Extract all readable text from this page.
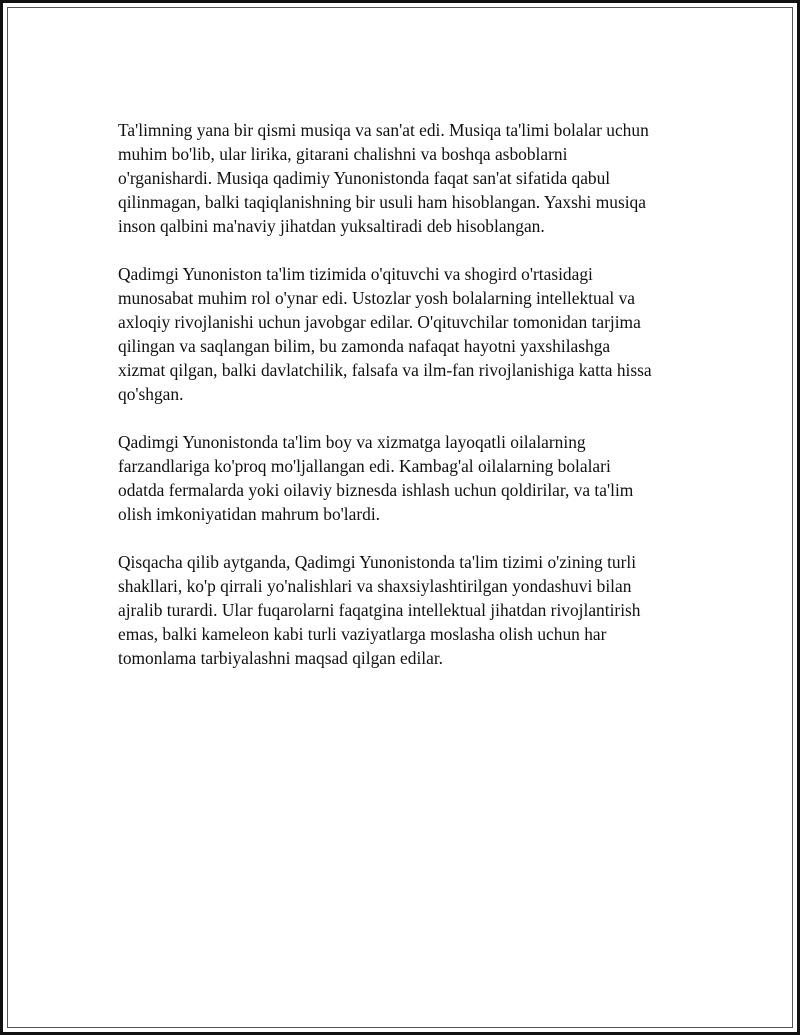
Ta'limning yana bir qismi musiqa va san'at edi. Musiqa ta'limi bolalar uchun
muhim bo'lib, ular lirika, gitarani chalishni va boshqa asboblarni
o'rganishardi. Musiqa qadimiy Yunonistonda faqat san'at sifatida qabul
qilinmagan, balki taqiqlanishning bir usuli ham hisoblangan. Yaxshi musiqa
inson qalbini ma'naviy jihatdan yuksaltiradi deb hisoblangan.

Qadimgi Yunoniston ta'lim tizimida o'qituvchi va shogird o'rtasidagi
munosabat muhim rol o'ynar edi. Ustozlar yosh bolalarning intellektual va
axloqiy rivojlanishi uchun javobgar edilar. O'qituvchilar tomonidan tarjima
qilingan va saqlangan bilim, bu zamonda nafaqat hayotni yaxshilashga
xizmat qilgan, balki davlatchilik, falsafa va ilm-fan rivojlanishiga katta hissa
qo'shgan.

Qadimgi Yunonistonda ta'lim boy va xizmatga layoqatli oilalarning
farzandlariga ko'proq mo'ljallangan edi. Kambag'al oilalarning bolalari
odatda fermalarda yoki oilaviy biznesda ishlash uchun qoldirilar, va ta'lim
olish imkoniyatidan mahrum bo'lardi.

Qisqacha qilib aytganda, Qadimgi Yunonistonda ta'lim tizimi o'zining turli
shakllari, ko'p qirrali yo'nalishlari va shaxsiylashtirilgan yondashuvi bilan
ajralib turardi. Ular fuqarolarni faqatgina intellektual jihatdan rivojlantirish
emas, balki kameleon kabi turli vaziyatlarga moslasha olish uchun har
tomonlama tarbiyalashni maqsad qilgan edilar.
